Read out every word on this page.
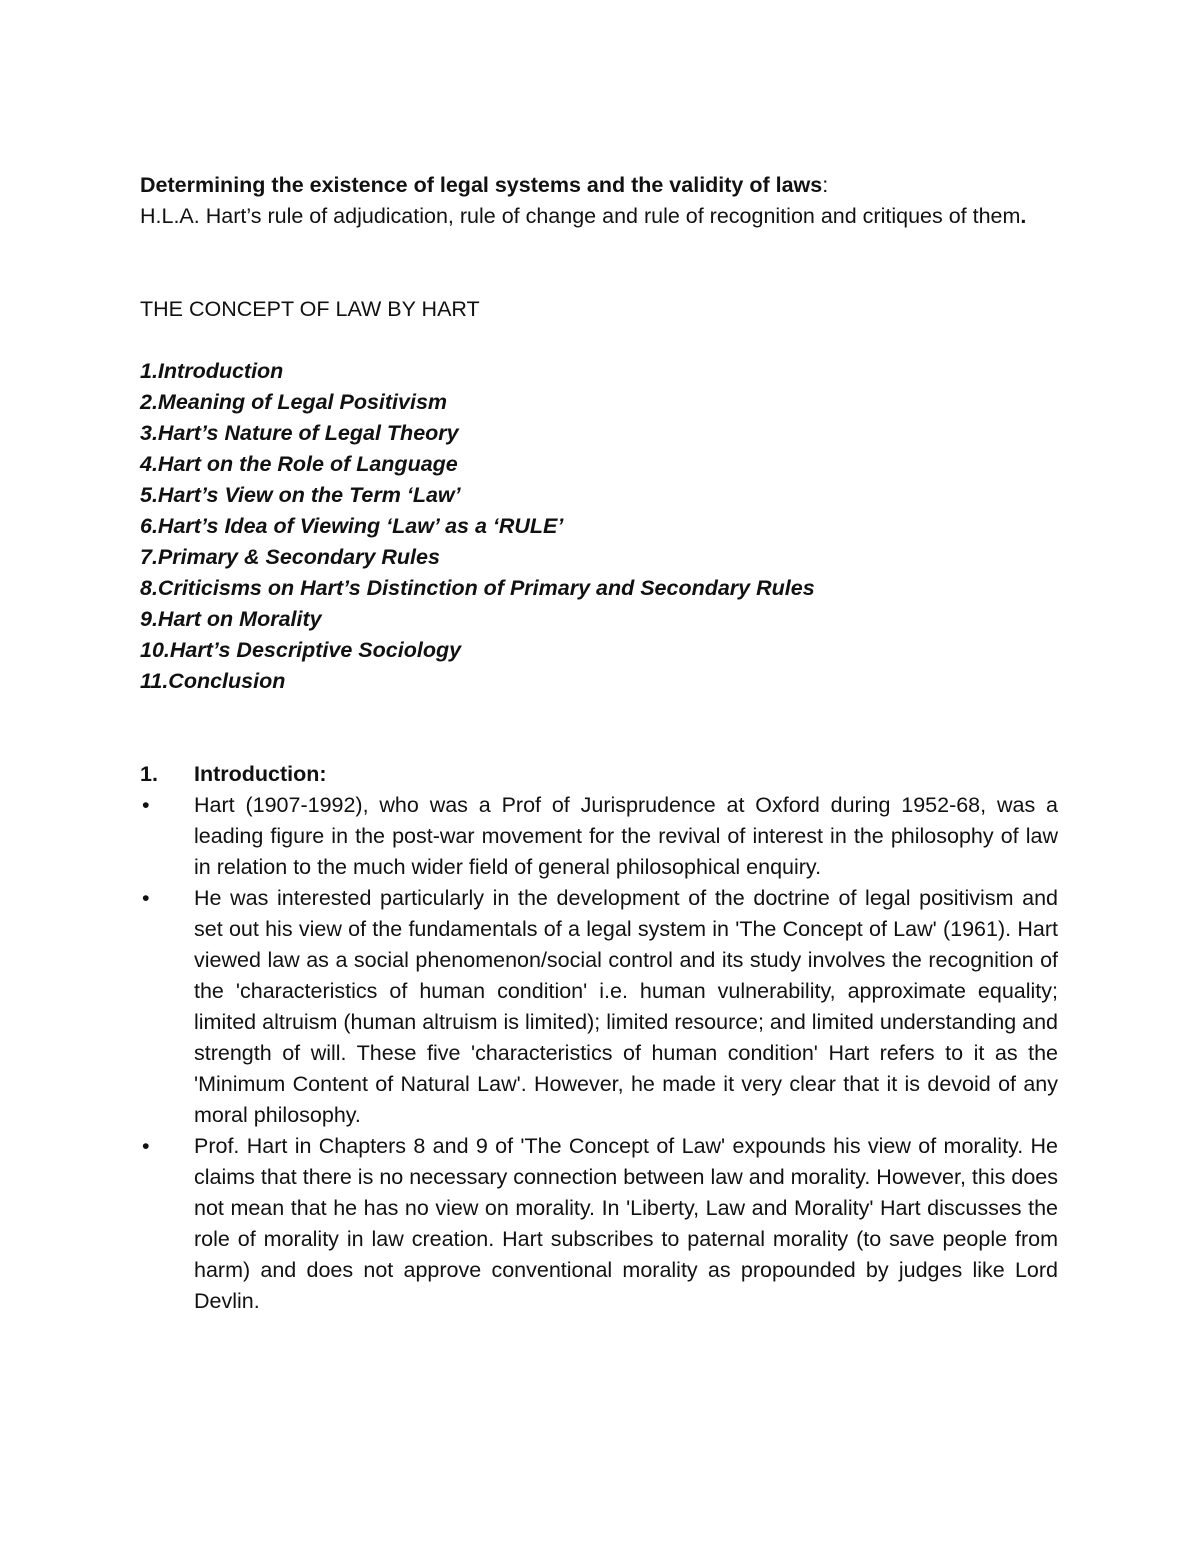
Determining the existence of legal systems and the validity of laws:
H.L.A. Hart’s rule of adjudication, rule of change and rule of recognition and critiques of them.

THE CONCEPT OF LAW BY HART

1.Introduction
2.Meaning of Legal Positivism
3.Hart’s Nature of Legal Theory
4.Hart on the Role of Language
5.Hart’s View on the Term ‘Law’
6.Hart’s Idea of Viewing ‘Law’ as a ‘RULE’
7.Primary & Secondary Rules
8.Criticisms on Hart’s Distinction of Primary and Secondary Rules
9.Hart on Morality
10.Hart’s Descriptive Sociology
11.Conclusion
1.	Introduction:
• Hart (1907-1992), who was a Prof of Jurisprudence at Oxford during 1952-68, was a leading figure in the post-war movement for the revival of interest in the philosophy of law in relation to the much wider field of general philosophical enquiry.
• He was interested particularly in the development of the doctrine of legal positivism and set out his view of the fundamentals of a legal system in 'The Concept of Law' (1961). Hart viewed law as a social phenomenon/social control and its study involves the recognition of the 'characteristics of human condition' i.e. human vulnerability, approximate equality; limited altruism (human altruism is limited); limited resource; and limited understanding and strength of will. These five 'characteristics of human condition' Hart refers to it as the 'Minimum Content of Natural Law'. However, he made it very clear that it is devoid of any moral philosophy.
• Prof. Hart in Chapters 8 and 9 of 'The Concept of Law' expounds his view of morality. He claims that there is no necessary connection between law and morality. However, this does not mean that he has no view on morality. In 'Liberty, Law and Morality' Hart discusses the role of morality in law creation. Hart subscribes to paternal morality (to save people from harm) and does not approve conventional morality as propounded by judges like Lord Devlin.
